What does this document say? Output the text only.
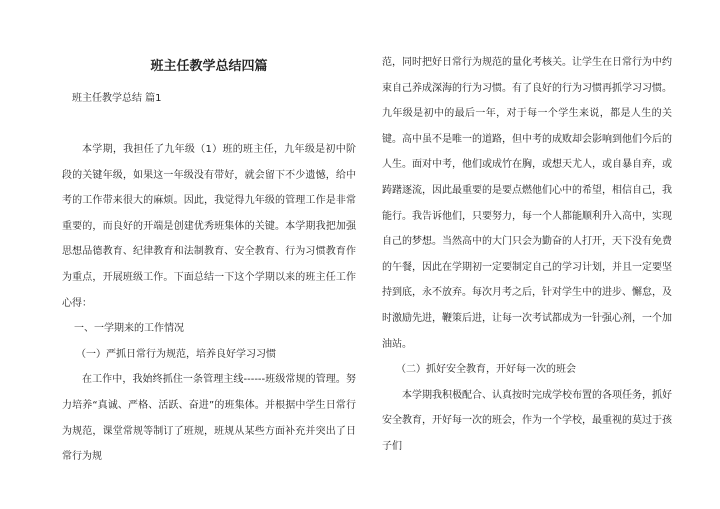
班主任教学总结四篇
班主任教学总结 篇1

本学期，我担任了九年级（1）班的班主任，九年级是初中阶段的关键年级，如果这一年级没有带好，就会留下不少遗憾，给中考的工作带来很大的麻烦。因此，我觉得九年级的管理工作是非常重要的，而良好的开端是创建优秀班集体的关键。本学期我把加强思想品德教育、纪律教育和法制教育、安全教育、行为习惯教育作为重点，开展班级工作。下面总结一下这个学期以来的班主任工作心得：

一、一学期来的工作情况

（一）严抓日常行为规范，培养良好学习习惯

在工作中，我始终抓住一条管理主线------班级常规的管理。努力培养“真诚、严格、活跃、奋进”的班集体。并根据中学生日常行为规范，课堂常规等制订了班规，班规从某些方面补充并突出了日常行为规

范，同时把好日常行为规范的量化考核关。让学生在日常行为中约束自己养成深海的行为习惯。有了良好的行为习惯再抓学习习惯。九年级是初中的最后一年，对于每一个学生来说，都是人生的关键。高中虽不是唯一的道路，但中考的成败却会影响到他们今后的人生。面对中考，他们或成竹在胸，或想天尤人，或自暴自弃，或踌躇逐流，因此最重要的是要点燃他们心中的希望，相信自己，我能行。我告诉他们，只要努力，每一个人都能顺利升入高中，实现自己的梦想。当然高中的大门只会为勤奋的人打开，天下没有免费的午餐，因此在学期初一定要制定自己的学习计划，并且一定要坚持到底，永不放弃。每次月考之后，针对学生中的进步、懈怠，及时激励先进，鞭策后进，让每一次考试都成为一针强心剂，一个加油站。

（二）抓好安全教育，开好每一次的班会

本学期我积极配合、认真按时完成学校布置的各项任务，抓好安全教育，开好每一次的班会，作为一个学校，最重视的莫过于孩子们
